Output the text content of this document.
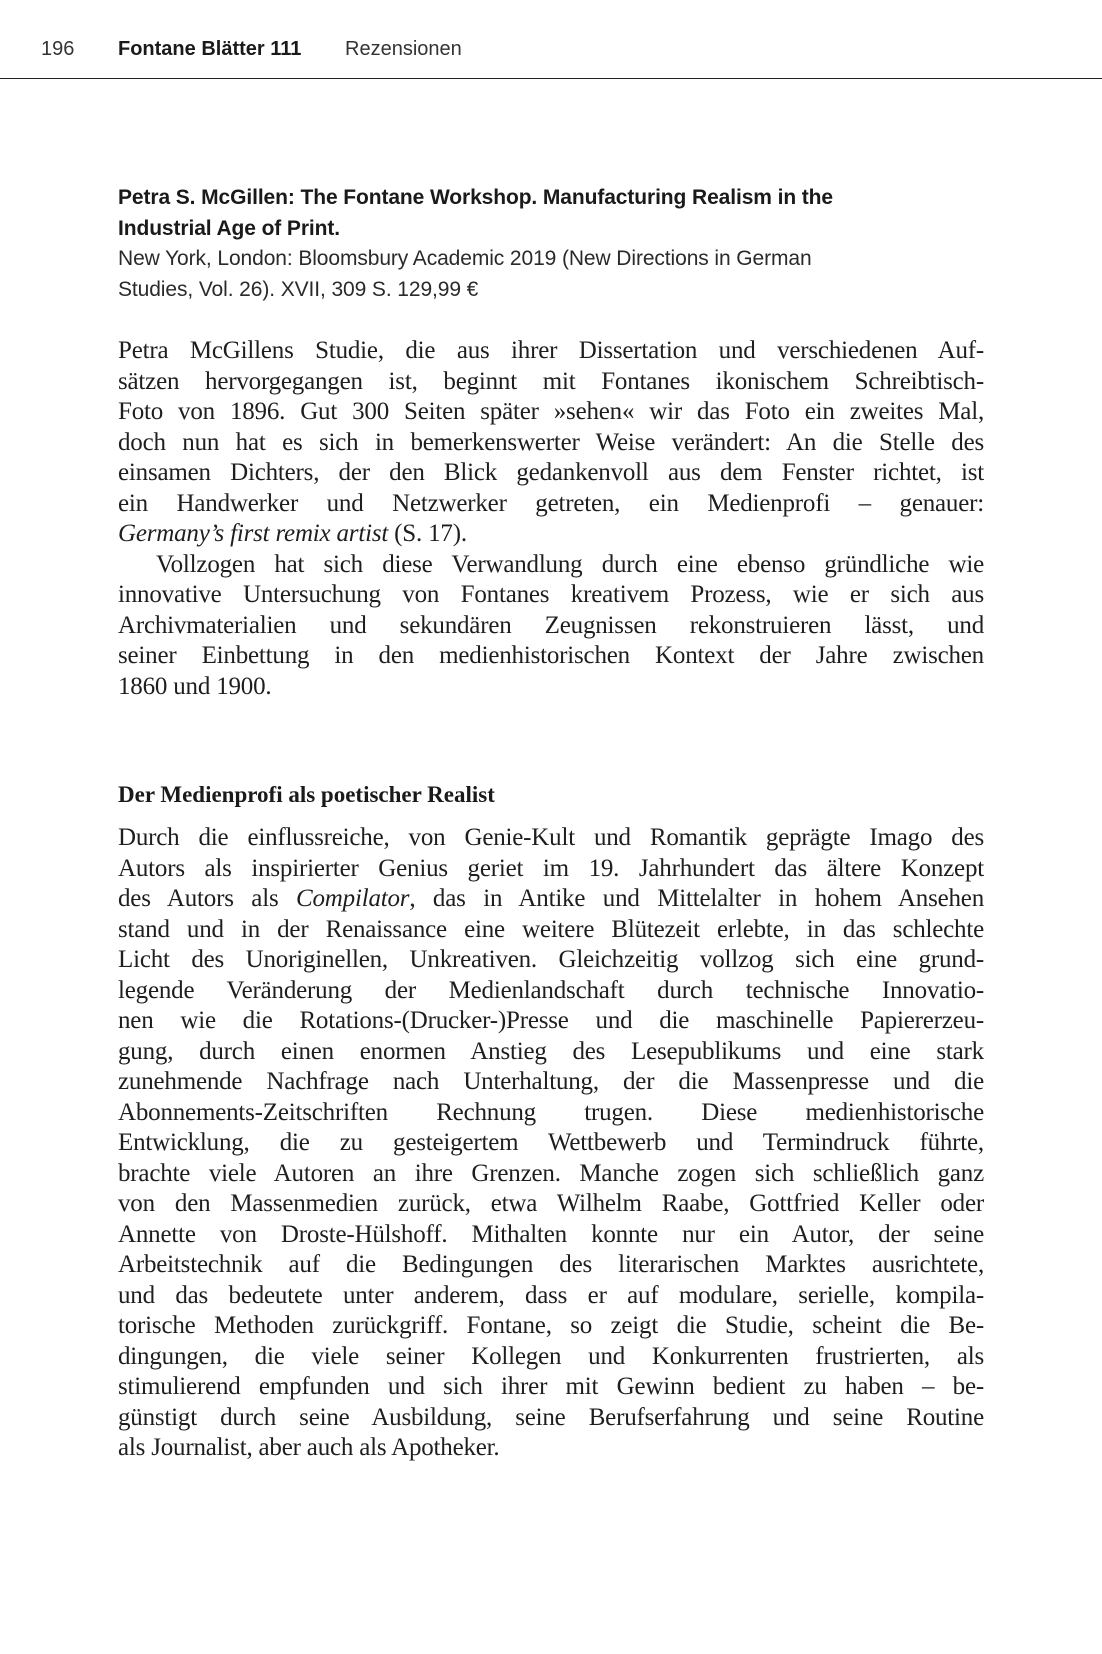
196 Fontane Blätter 111 Rezensionen
Petra S. McGillen: The Fontane Workshop. Manufacturing Realism in the
Industrial Age of Print.
New York, London: Bloomsbury Academic 2019 (New Directions in German
Studies, Vol. 26). XVII, 309 S. 129,99 €
Petra McGillens Studie, die aus ihrer Dissertation und verschiedenen Auf-
sätzen hervorgegangen ist, beginnt mit Fontanes ikonischem Schreibtisch-
Foto von 1896. Gut 300 Seiten später »sehen« wir das Foto ein zweites Mal,
doch nun hat es sich in bemerkenswerter Weise verändert: An die Stelle des
einsamen Dichters, der den Blick gedankenvoll aus dem Fenster richtet, ist
ein Handwerker und Netzwerker getreten, ein Medienprofi – genauer:
Germany’s first remix artist (S. 17).
Vollzogen hat sich diese Verwandlung durch eine ebenso gründliche wie
innovative Untersuchung von Fontanes kreativem Prozess, wie er sich aus
Archivmaterialien und sekundären Zeugnissen rekonstruieren lässt, und
seiner Einbettung in den medienhistorischen Kontext der Jahre zwischen
1860 und 1900.
Der Medienprofi als poetischer Realist
Durch die einflussreiche, von Genie-Kult und Romantik geprägte Imago des
Autors als inspirierter Genius geriet im 19. Jahrhundert das ältere Konzept
des Autors als Compilator, das in Antike und Mittelalter in hohem Ansehen
stand und in der Renaissance eine weitere Blütezeit erlebte, in das schlechte
Licht des Unoriginellen, Unkreativen. Gleichzeitig vollzog sich eine grund-
legende Veränderung der Medienlandschaft durch technische Innovatio-
nen wie die Rotations-(Drucker-)Presse und die maschinelle Papiererzeu-
gung, durch einen enormen Anstieg des Lesepublikums und eine stark
zunehmende Nachfrage nach Unterhaltung, der die Massenpresse und die
Abonnements-Zeitschriften Rechnung trugen. Diese medienhistorische
Entwicklung, die zu gesteigertem Wettbewerb und Termindruck führte,
brachte viele Autoren an ihre Grenzen. Manche zogen sich schließlich ganz
von den Massenmedien zurück, etwa Wilhelm Raabe, Gottfried Keller oder
Annette von Droste-Hülshoff. Mithalten konnte nur ein Autor, der seine
Arbeitstechnik auf die Bedingungen des literarischen Marktes ausrichtete,
und das bedeutete unter anderem, dass er auf modulare, serielle, kompila-
torische Methoden zurückgriff. Fontane, so zeigt die Studie, scheint die Be-
dingungen, die viele seiner Kollegen und Konkurrenten frustrierten, als
stimulierend empfunden und sich ihrer mit Gewinn bedient zu haben – be-
günstigt durch seine Ausbildung, seine Berufserfahrung und seine Routine
als Journalist, aber auch als Apotheker.
